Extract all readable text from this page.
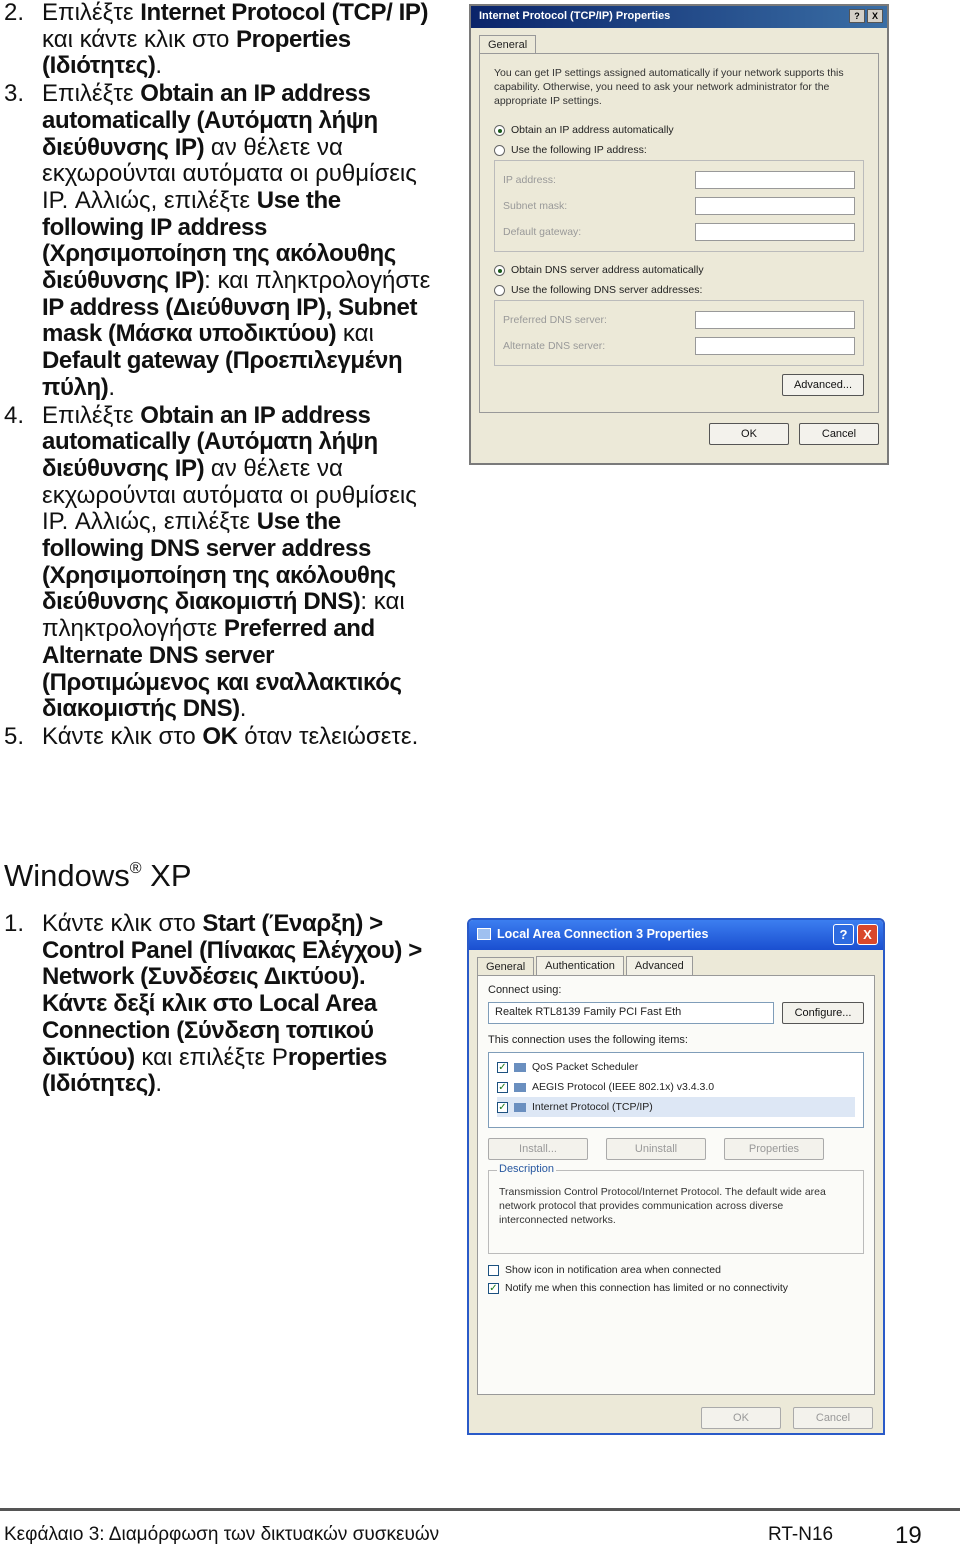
2. Επιλέξτε Internet Protocol (TCP/ IP) και κάντε κλικ στο Properties (Ιδιότητες).
3. Επιλέξτε Obtain an IP address automatically (Αυτόματη λήψη διεύθυνσης IP) αν θέλετε να εκχωρούνται αυτόματα οι ρυθμίσεις IP. Αλλιώς, επιλέξτε Use the following IP address (Χρησιμοποίηση της ακόλουθης διεύθυνσης IP): και πληκτρολογήστε IP address (Διεύθυνση IP), Subnet mask (Μάσκα υποδικτύου) και Default gateway (Προεπιλεγμένη πύλη).
4. Επιλέξτε Obtain an IP address automatically (Αυτόματη λήψη διεύθυνσης IP) αν θέλετε να εκχωρούνται αυτόματα οι ρυθμίσεις IP. Αλλιώς, επιλέξτε Use the following DNS server address (Χρησιμοποίηση της ακόλουθης διεύθυνσης διακομιστή DNS): και πληκτρολογήστε Preferred and Alternate DNS server (Προτιμώμενος και εναλλακτικός διακομιστής DNS).
5. Κάντε κλικ στο OK όταν τελειώσετε.
Windows® XP
1. Κάντε κλικ στο Start (Έναρξη) > Control Panel (Πίνακας Ελέγχου) > Network (Συνδέσεις Δικτύου). Κάντε δεξί κλικ στο Local Area Connection (Σύνδεση τοπικού δικτύου) και επιλέξτε Properties (Ιδιότητες).
Internet Protocol (TCP/IP) Properties	?	X
General
You can get IP settings assigned automatically if your network supports this capability. Otherwise, you need to ask your network administrator for the appropriate IP settings.
Obtain an IP address automatically
Use the following IP address:
IP address:
Subnet mask:
Default gateway:
Obtain DNS server address automatically
Use the following DNS server addresses:
Preferred DNS server:
Alternate DNS server:
Advanced...
OK	Cancel
Local Area Connection 3 Properties	?	X
General	Authentication	Advanced
Connect using:
Realtek RTL8139 Family PCI Fast Eth	Configure...
This connection uses the following items:
✓ QoS Packet Scheduler
✓ AEGIS Protocol (IEEE 802.1x) v3.4.3.0
✓ Internet Protocol (TCP/IP)
Install...	Uninstall	Properties
Description
Transmission Control Protocol/Internet Protocol. The default wide area network protocol that provides communication across diverse interconnected networks.
Show icon in notification area when connected
✓ Notify me when this connection has limited or no connectivity
OK	Cancel
Κεφάλαιο 3: Διαμόρφωση των δικτυακών συσκευών	RT-N16	19
